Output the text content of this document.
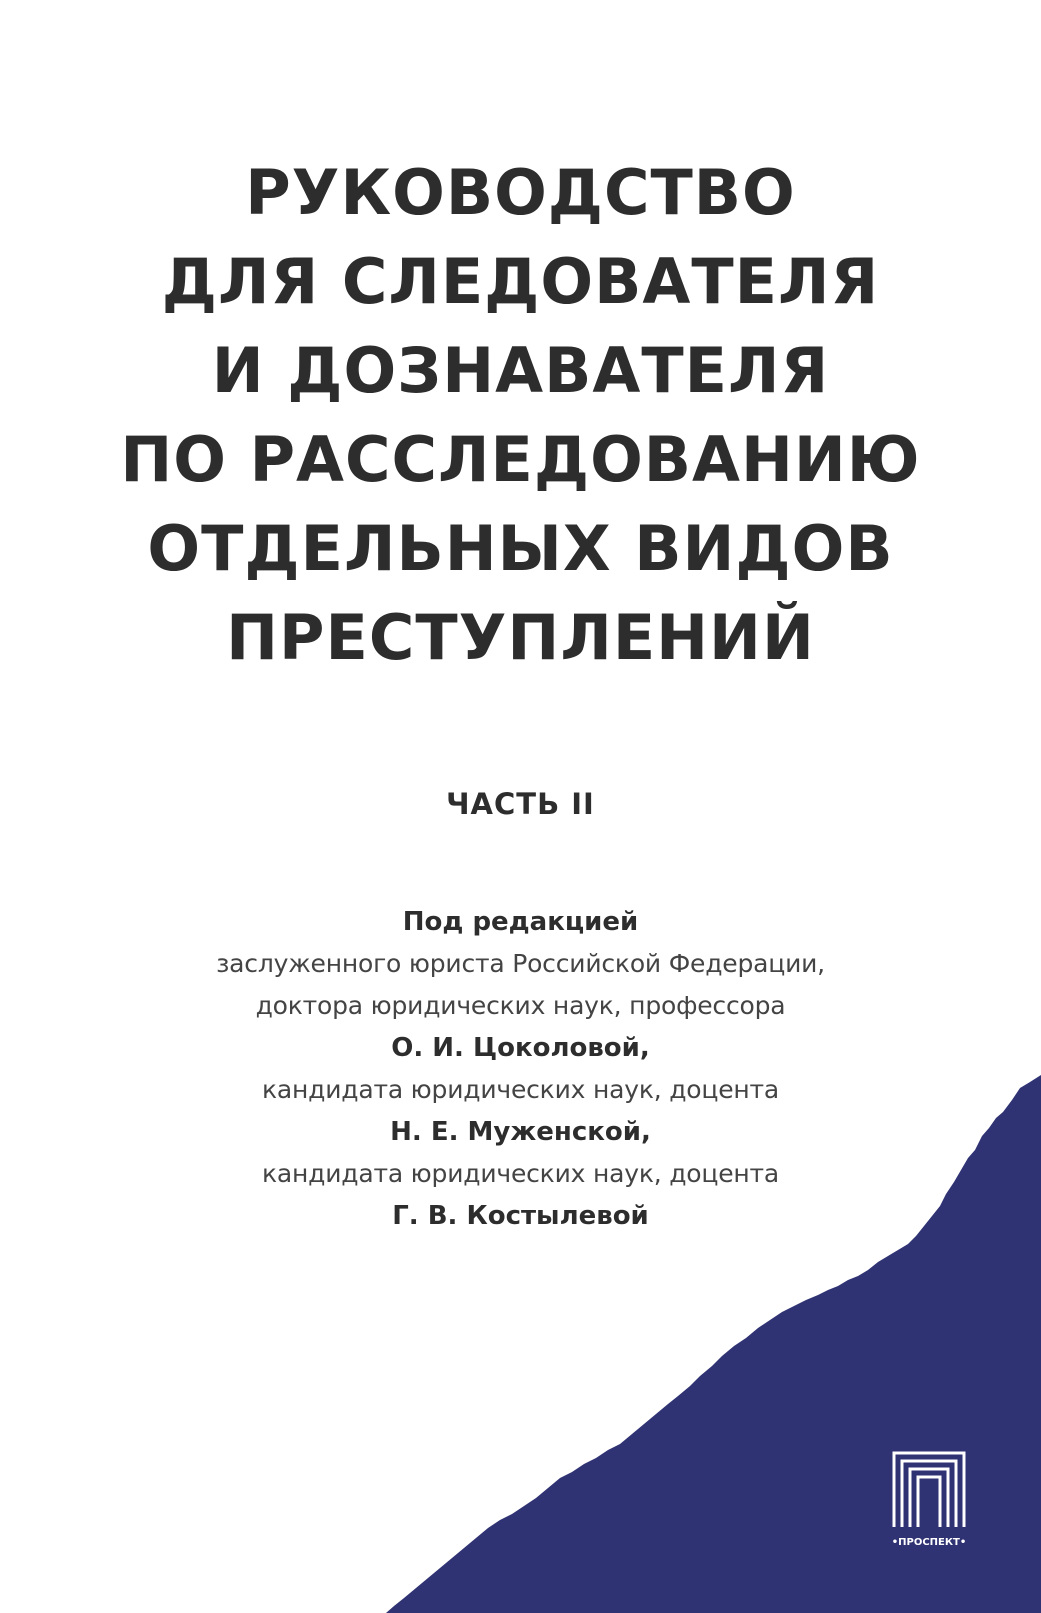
РУКОВОДСТВО
ДЛЯ СЛЕДОВАТЕЛЯ
И ДОЗНАВАТЕЛЯ
ПО РАССЛЕДОВАНИЮ
ОТДЕЛЬНЫХ ВИДОВ
ПРЕСТУПЛЕНИЙ
ЧАСТЬ II
Под редакцией
заслуженного юриста Российской Федерации,
доктора юридических наук, профессора
О. И. Цоколовой,
кандидата юридических наук, доцента
Н. Е. Муженской,
кандидата юридических наук, доцента
Г. В. Костылевой
•ПРОСПЕКТ•
